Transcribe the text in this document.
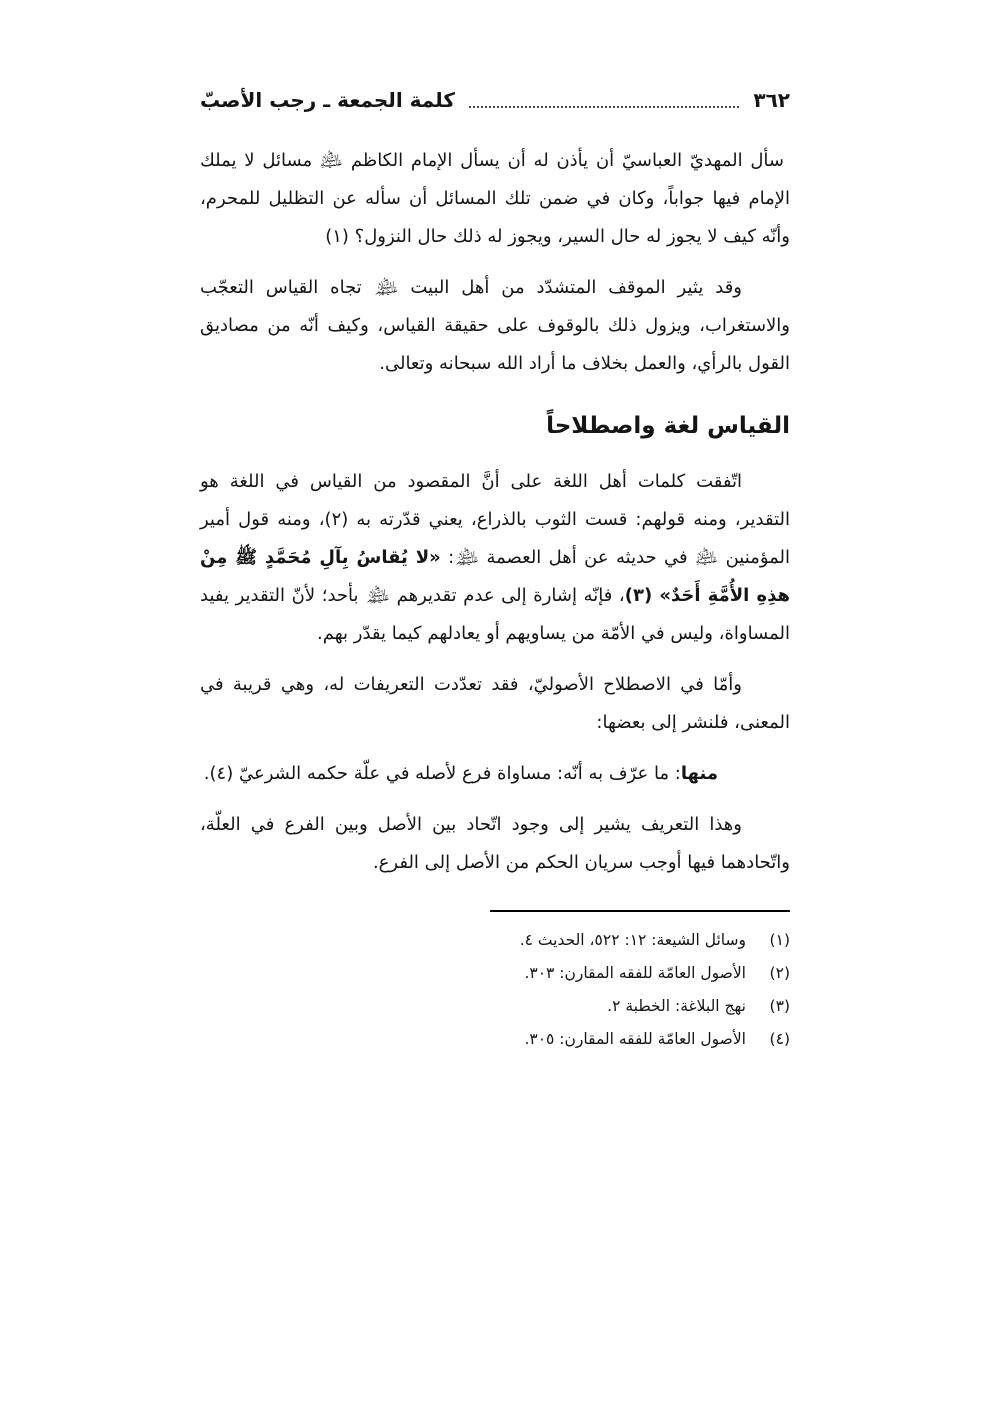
٣٦٢
كلمة الجمعة ـ رجب الأصبّ

سأل المهديّ العباسيّ أن يأذن له أن يسأل الإمام الكاظم ﵇ مسائل لا يملك الإمام فيها جواباً، وكان في ضمن تلك المسائل أن سأله عن التظليل للمحرم، وأنّه كيف لا يجوز له حال السير، ويجوز له ذلك حال النزول؟ (١)

وقد يثير الموقف المتشدّد من أهل البيت ﵈ تجاه القياس التعجّب والاستغراب، ويزول ذلك بالوقوف على حقيقة القياس، وكيف أنّه من مصاديق القول بالرأي، والعمل بخلاف ما أراد الله سبحانه وتعالى.

القياس لغة واصطلاحاً

اتّفقت كلمات أهل اللغة على أنَّ المقصود من القياس في اللغة هو التقدير، ومنه قولهم: قست الثوب بالذراع، يعني قدّرته به (٢)، ومنه قول أمير المؤمنين ﵇ في حديثه عن أهل العصمة ﵈: «لا يُقاسُ بِآلِ مُحَمَّدٍ ﷺ مِنْ هذِهِ الأُمَّةِ أَحَدٌ» (٣)، فإنّه إشارة إلى عدم تقديرهم ﵈ بأحد؛ لأنّ التقدير يفيد المساواة، وليس في الأمّة من يساويهم أو يعادلهم كيما يقدّر بهم.

وأمّا في الاصطلاح الأصوليّ، فقد تعدّدت التعريفات له، وهي قريبة في المعنى، فلنشر إلى بعضها:

منها: ما عرّف به أنّه: مساواة فرع لأصله في علّة حكمه الشرعيّ (٤).

وهذا التعريف يشير إلى وجود اتّحاد بين الأصل وبين الفرع في العلّة، واتّحادهما فيها أوجب سريان الحكم من الأصل إلى الفرع.

(١)
وسائل الشيعة: ١٢: ٥٢٢، الحديث ٤.
(٢)
الأصول العامّة للفقه المقارن: ٣٠٣.
(٣)
نهج البلاغة: الخطبة ٢.
(٤)
الأصول العامّة للفقه المقارن: ٣٠٥.
